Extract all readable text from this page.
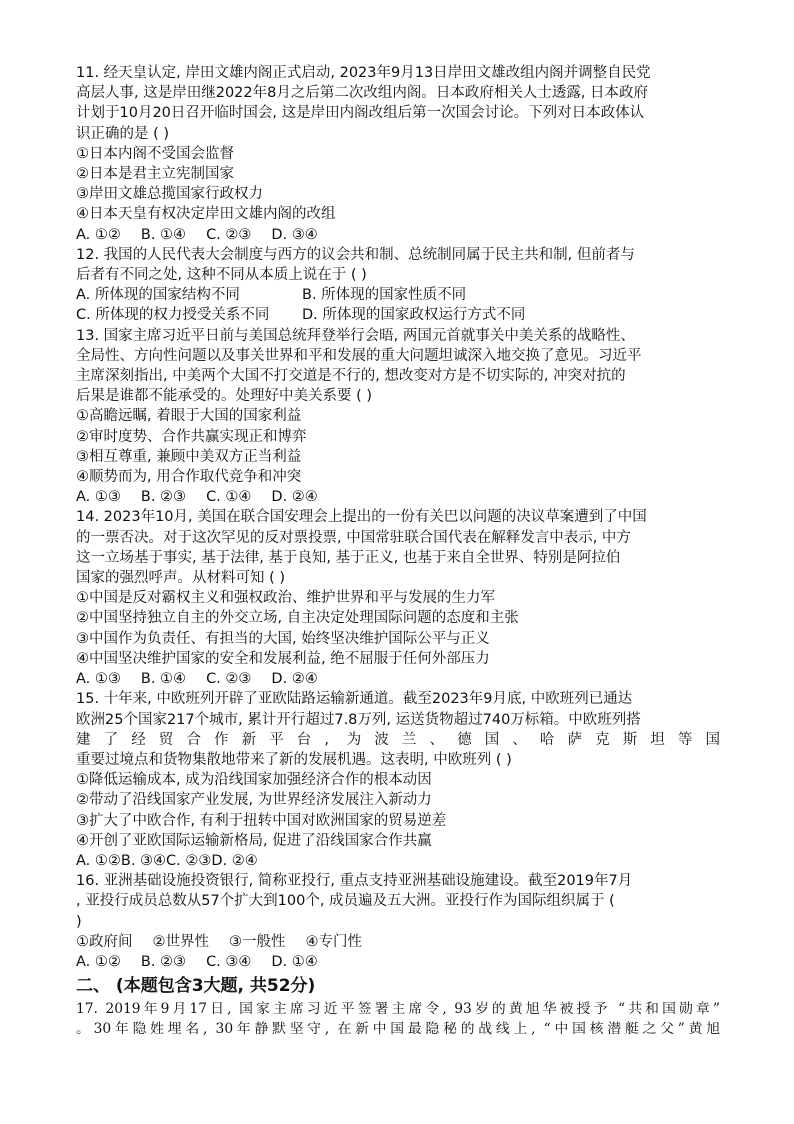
11. 经天皇认定, 岸田文雄内阁正式启动, 2023年9月13日岸田文雄改组内阁并调整自民党
高层人事, 这是岸田继2022年8月之后第二次改组内阁。日本政府相关人士透露, 日本政府
计划于10月20日召开临时国会, 这是岸田内阁改组后第一次国会讨论。下列对日本政体认
识正确的是 ( )
①日本内阁不受国会监督
②日本是君主立宪制国家
③岸田文雄总揽国家行政权力
④日本天皇有权决定岸田文雄内阁的改组
A. ①② B. ①④ C. ②③ D. ③④
12. 我国的人民代表大会制度与西方的议会共和制、总统制同属于民主共和制, 但前者与
后者有不同之处, 这种不同从本质上说在于 ( )
A. 所体现的国家结构不同	B. 所体现的国家性质不同
C. 所体现的权力授受关系不同	D. 所体现的国家政权运行方式不同
13. 国家主席习近平日前与美国总统拜登举行会晤, 两国元首就事关中美关系的战略性、
全局性、方向性问题以及事关世界和平和发展的重大问题坦诚深入地交换了意见。习近平
主席深刻指出, 中美两个大国不打交道是不行的, 想改变对方是不切实际的, 冲突对抗的
后果是谁都不能承受的。处理好中美关系要 ( )
①高瞻远瞩, 着眼于大国的国家利益
②审时度势、合作共赢实现正和博弈
③相互尊重, 兼顾中美双方正当利益
④顺势而为, 用合作取代竞争和冲突
A. ①③ B. ②③ C. ①④ D. ②④
14. 2023年10月, 美国在联合国安理会上提出的一份有关巴以问题的决议草案遭到了中国
的一票否决。对于这次罕见的反对票投票, 中国常驻联合国代表在解释发言中表示, 中方
这一立场基于事实, 基于法律, 基于良知, 基于正义, 也基于来自全世界、特别是阿拉伯
国家的强烈呼声。从材料可知 ( )
①中国是反对霸权主义和强权政治、维护世界和平与发展的生力军
②中国坚持独立自主的外交立场, 自主决定处理国际问题的态度和主张
③中国作为负责任、有担当的大国, 始终坚决维护国际公平与正义
④中国坚决维护国家的安全和发展利益, 绝不屈服于任何外部压力
A. ①③ B. ①④ C. ②③ D. ②④
15. 十年来, 中欧班列开辟了亚欧陆路运输新通道。截至2023年9月底, 中欧班列已通达
欧洲25个国家217个城市, 累计开行超过7.8万列, 运送货物超过740万标箱。中欧班列搭
建了经贸合作新平台, 为波兰、德国、哈萨克斯坦等国
重要过境点和货物集散地带来了新的发展机遇。这表明, 中欧班列 ( )
①降低运输成本, 成为沿线国家加强经济合作的根本动因
②带动了沿线国家产业发展, 为世界经济发展注入新动力
③扩大了中欧合作, 有利于扭转中国对欧洲国家的贸易逆差
④开创了亚欧国际运输新格局, 促进了沿线国家合作共赢
A. ①②B. ③④C. ②③D. ②④
16. 亚洲基础设施投资银行, 简称亚投行, 重点支持亚洲基础设施建设。截至2019年7月
, 亚投行成员总数从57个扩大到100个, 成员遍及五大洲。亚投行作为国际组织属于 (
)
①政府间 ②世界性 ③一般性 ④专门性
A. ①② B. ②③ C. ③④ D. ①④
二、 (本题包含3大题, 共52分)
17. 2019年9月17日, 国家主席习近平签署主席令, 93岁的黄旭华被授予 “共和国勋章”
。30年隐姓埋名, 30年静默坚守, 在新中国最隐秘的战线上, “中国核潜艇之父”黄旭
